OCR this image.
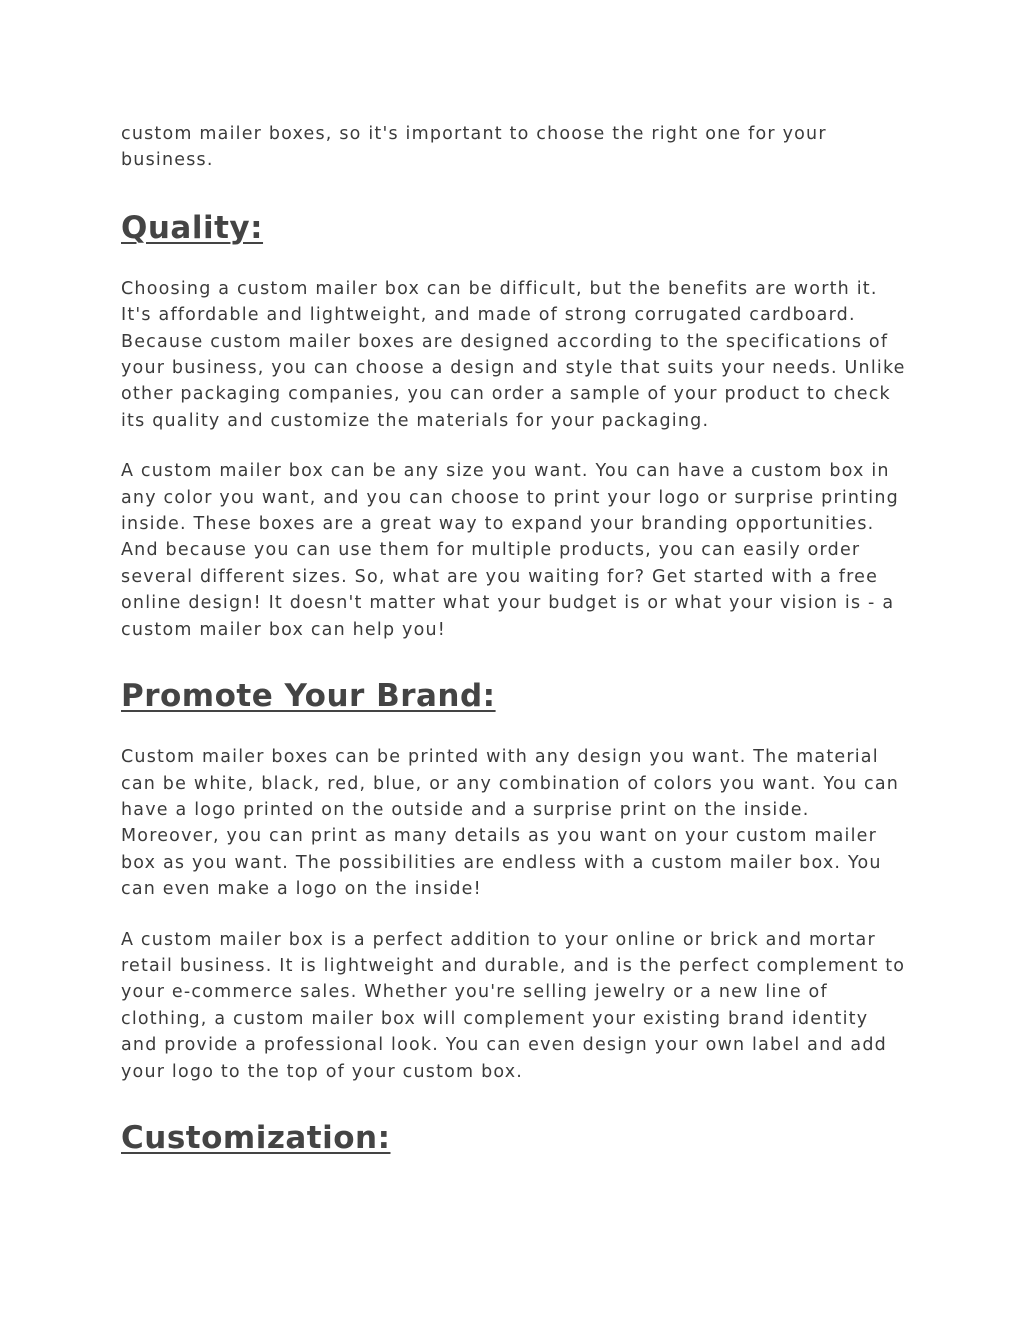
custom mailer boxes, so it's important to choose the right one for your business.

Quality:

Choosing a custom mailer box can be difficult, but the benefits are worth it. It's affordable and lightweight, and made of strong corrugated cardboard. Because custom mailer boxes are designed according to the specifications of your business, you can choose a design and style that suits your needs. Unlike other packaging companies, you can order a sample of your product to check its quality and customize the materials for your packaging.

A custom mailer box can be any size you want. You can have a custom box in any color you want, and you can choose to print your logo or surprise printing inside. These boxes are a great way to expand your branding opportunities. And because you can use them for multiple products, you can easily order several different sizes. So, what are you waiting for? Get started with a free online design! It doesn't matter what your budget is or what your vision is - a custom mailer box can help you!

Promote Your Brand:

Custom mailer boxes can be printed with any design you want. The material can be white, black, red, blue, or any combination of colors you want. You can have a logo printed on the outside and a surprise print on the inside. Moreover, you can print as many details as you want on your custom mailer box as you want. The possibilities are endless with a custom mailer box. You can even make a logo on the inside!

A custom mailer box is a perfect addition to your online or brick and mortar retail business. It is lightweight and durable, and is the perfect complement to your e-commerce sales. Whether you're selling jewelry or a new line of clothing, a custom mailer box will complement your existing brand identity and provide a professional look. You can even design your own label and add your logo to the top of your custom box.

Customization:
